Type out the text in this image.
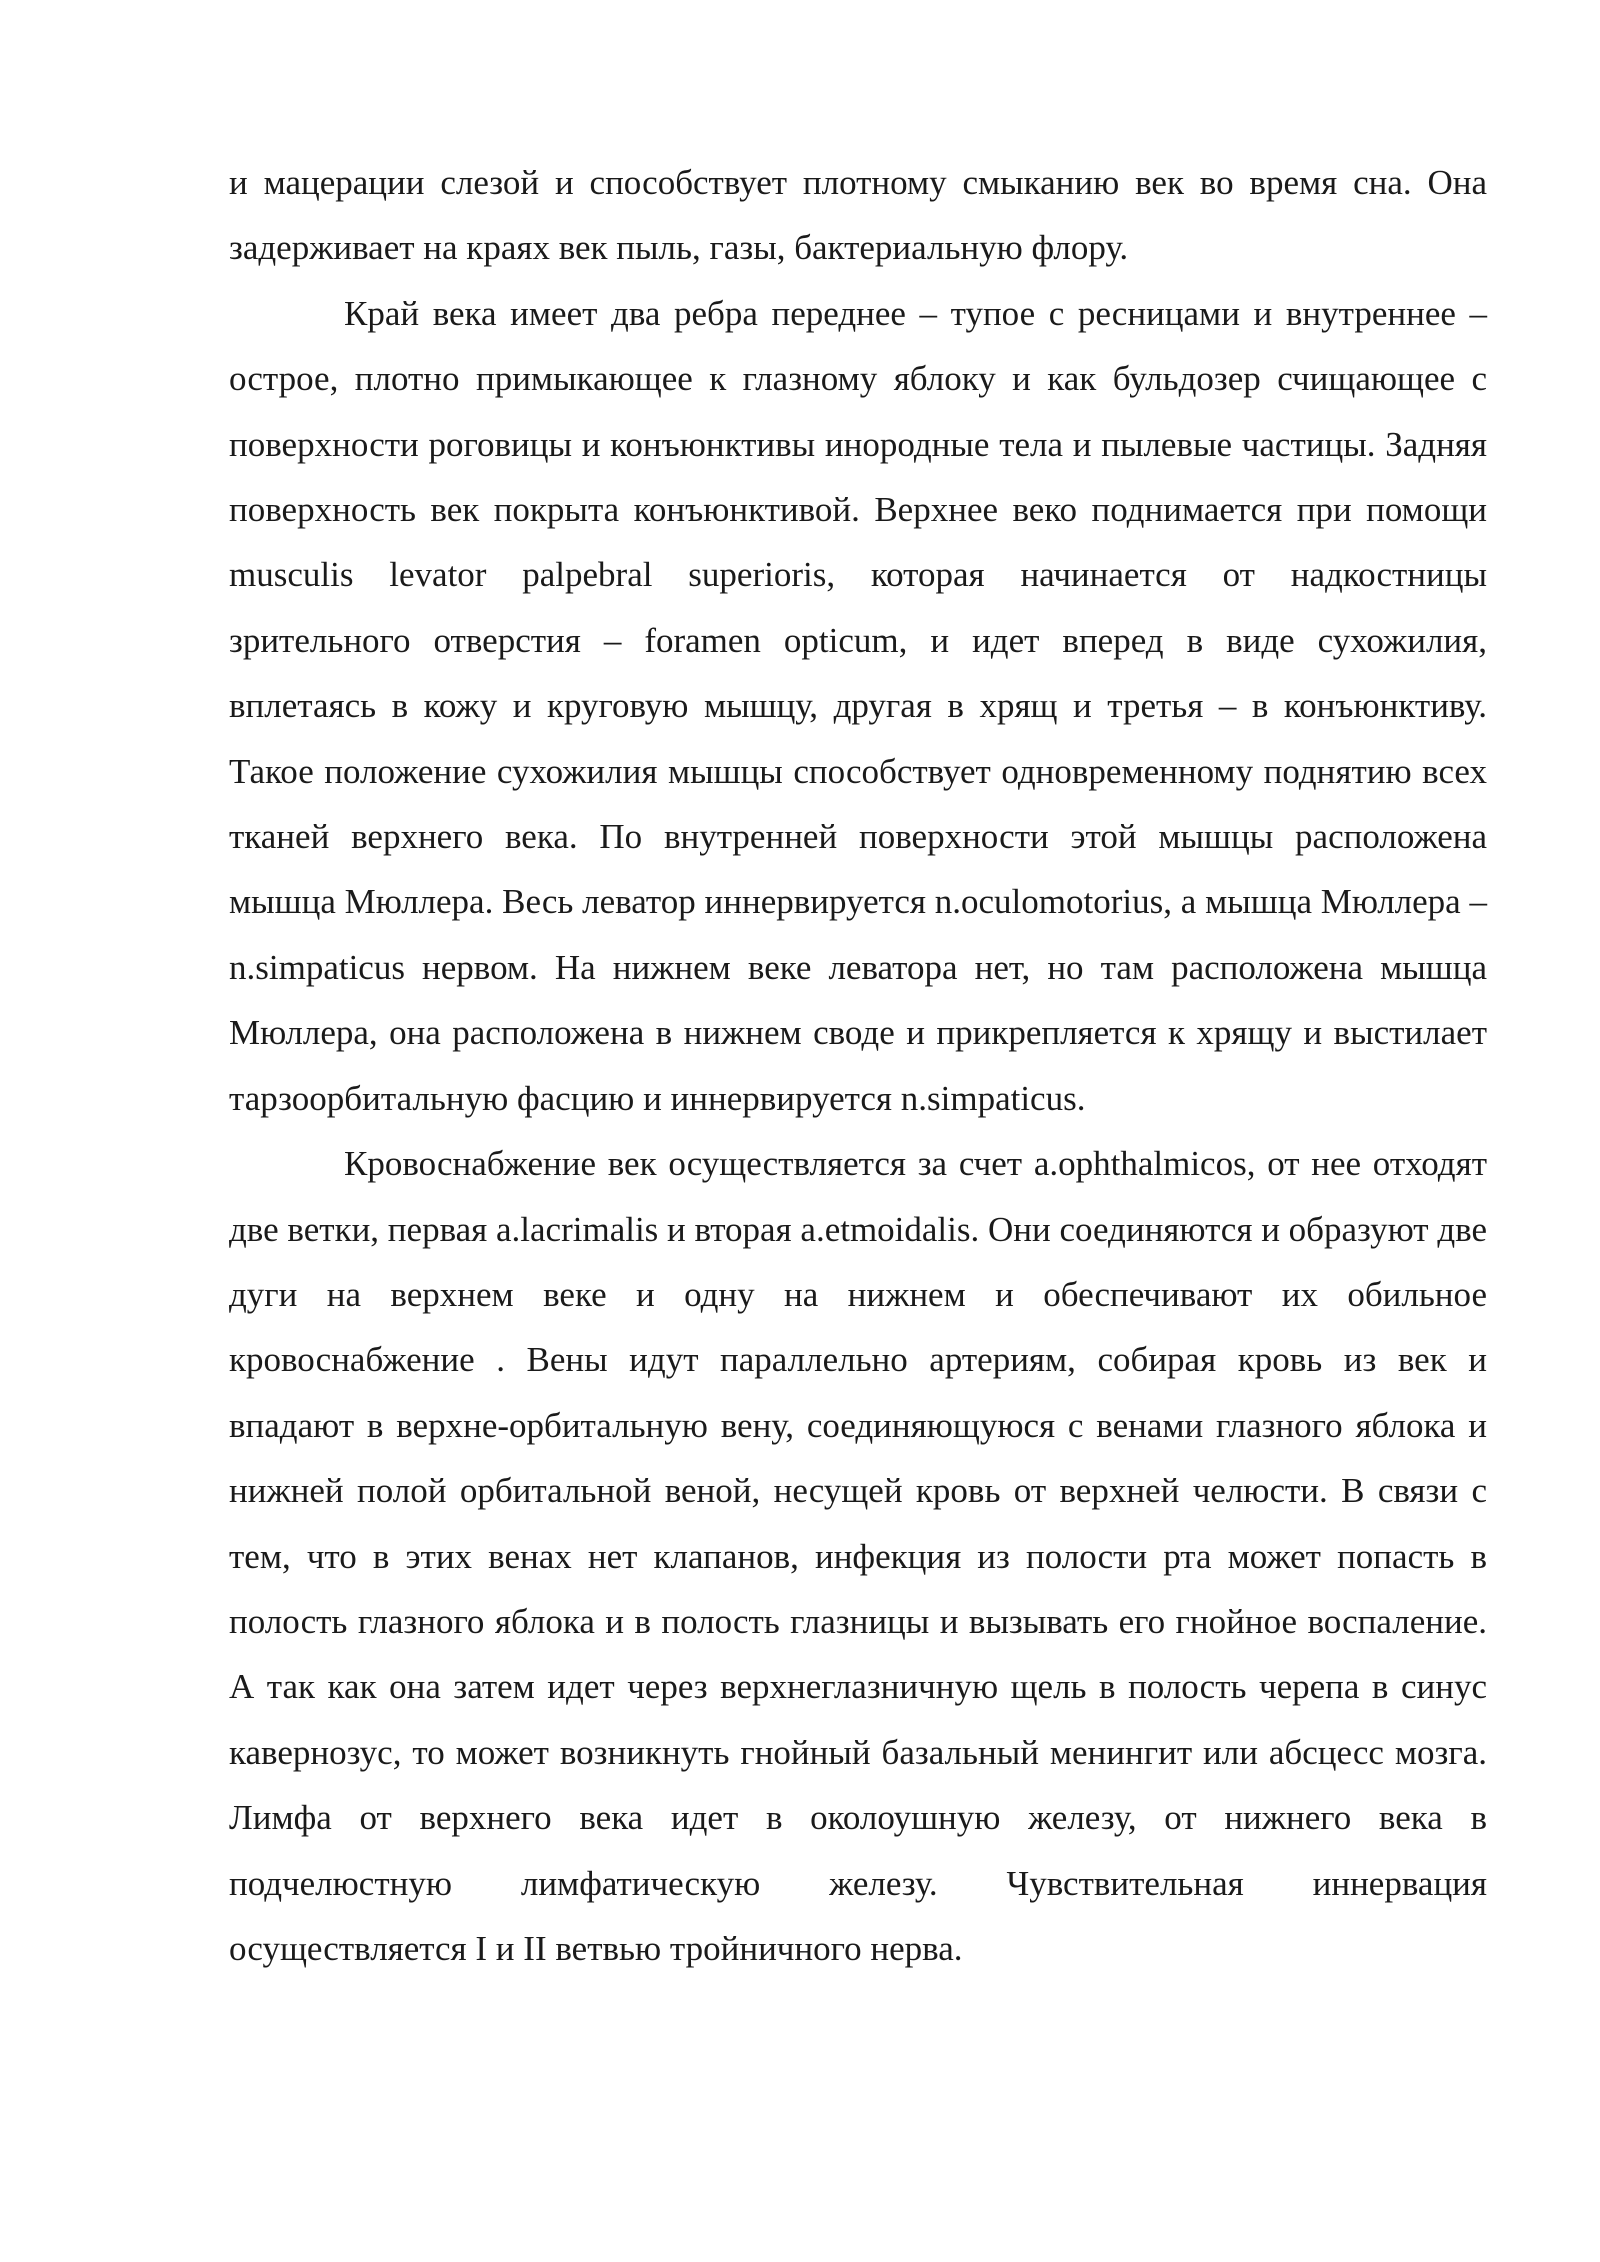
и мацерации слезой и способствует плотному смыканию век во время сна. Она задерживает на краях век пыль, газы, бактериальную флору.

Край века имеет два ребра переднее – тупое с ресницами и внутреннее – острое, плотно примыкающее к глазному яблоку и как бульдозер счищающее с поверхности роговицы и конъюнктивы инородные тела и пылевые частицы. Задняя поверхность век покрыта конъюнктивой. Верхнее веко поднимается при помощи musculis levator palpebral superioris, которая начинается от надкостницы зрительного отверстия – foramen opticum, и идет вперед в виде сухожилия, вплетаясь в кожу и круговую мышцу, другая в хрящ и третья – в конъюнктиву. Такое положение сухожилия мышцы способствует одновременному поднятию всех тканей верхнего века. По внутренней поверхности этой мышцы расположена мышца Мюллера. Весь леватор иннервируется n.oculomotorius, а мышца Мюллера – n.simpaticus нервом. На нижнем веке леватора нет, но там расположена мышца Мюллера, она расположена в нижнем своде и прикрепляется к хрящу и выстилает тарзоорбитальную фасцию и иннервируется n.simpaticus.

Кровоснабжение век осуществляется за счет a.ophthalmicos, от нее отходят две ветки, первая a.lacrimalis и вторая a.etmoidalis. Они соединяются и образуют две дуги на верхнем веке и одну на нижнем и обеспечивают их обильное кровоснабжение . Вены идут параллельно артериям, собирая кровь из век и впадают в верхне-орбитальную вену, соединяющуюся с венами глазного яблока и нижней полой орбитальной веной, несущей кровь от верхней челюсти. В связи с тем, что в этих венах нет клапанов, инфекция из полости рта может попасть в полость глазного яблока и в полость глазницы и вызывать его гнойное воспаление. А так как она затем идет через верхнеглазничную щель в полость черепа в синус кавернозус, то может возникнуть гнойный базальный менингит или абсцесс мозга. Лимфа от верхнего века идет в околоушную железу, от нижнего века в подчелюстную лимфатическую железу. Чувствительная иннервация осуществляется I и II ветвью тройничного нерва.
